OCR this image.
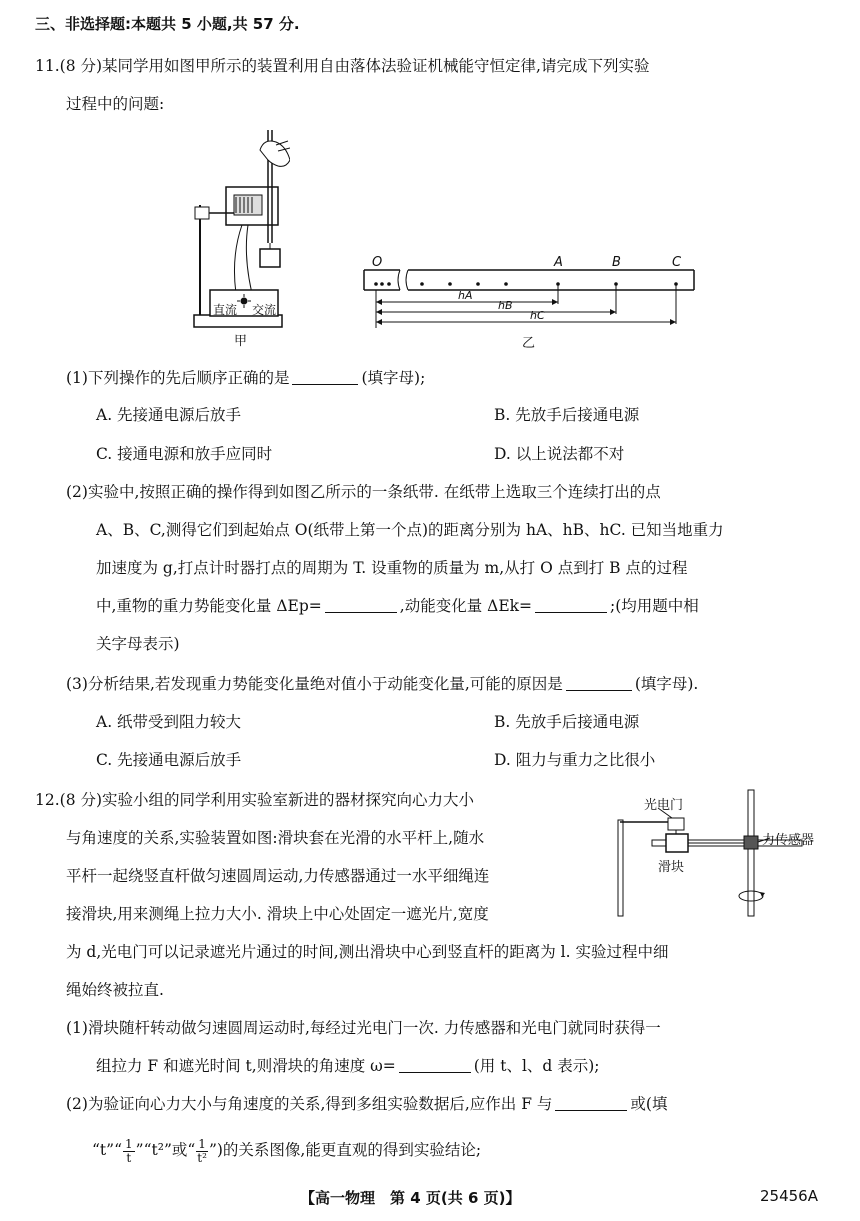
三、非选择题:本题共 5 小题,共 57 分.
11.(8 分)某同学用如图甲所示的装置利用自由落体法验证机械能守恒定律,请完成下列实验
过程中的问题:
直流 交流
甲
O	A	B	C
hA
hB
hC
乙
(1)下列操作的先后顺序正确的是	(填字母);
A. 先接通电源后放手	B. 先放手后接通电源
C. 接通电源和放手应同时	D. 以上说法都不对
(2)实验中,按照正确的操作得到如图乙所示的一条纸带. 在纸带上选取三个连续打出的点
A、B、C,测得它们到起始点 O(纸带上第一个点)的距离分别为 hA、hB、hC. 已知当地重力
加速度为 g,打点计时器打点的周期为 T. 设重物的质量为 m,从打 O 点到打 B 点的过程
中,重物的重力势能变化量 ΔEp=	,动能变化量 ΔEk=	;(均用题中相
关字母表示)
(3)分析结果,若发现重力势能变化量绝对值小于动能变化量,可能的原因是	(填字母).
A. 纸带受到阻力较大	B. 先放手后接通电源
C. 先接通电源后放手	D. 阻力与重力之比很小
12.(8 分)实验小组的同学利用实验室新进的器材探究向心力大小
与角速度的关系,实验装置如图:滑块套在光滑的水平杆上,随水
平杆一起绕竖直杆做匀速圆周运动,力传感器通过一水平细绳连
接滑块,用来测绳上拉力大小. 滑块上中心处固定一遮光片,宽度
光电门
力传感器
滑块
为 d,光电门可以记录遮光片通过的时间,测出滑块中心到竖直杆的距离为 l. 实验过程中细
绳始终被拉直.
(1)滑块随杆转动做匀速圆周运动时,每经过光电门一次. 力传感器和光电门就同时获得一
组拉力 F 和遮光时间 t,则滑块的角速度 ω=	(用 t、l、d 表示);
(2)为验证向心力大小与角速度的关系,得到多组实验数据后,应作出 F 与	或(填
“t”“ $\frac{1}{t}$ ”“t²”或“ $\frac{1}{\text{t²}}$ ”)的关系图像,能更直观的得到实验结论;
【高一物理　第 4 页(共 6 页)】	25456A
